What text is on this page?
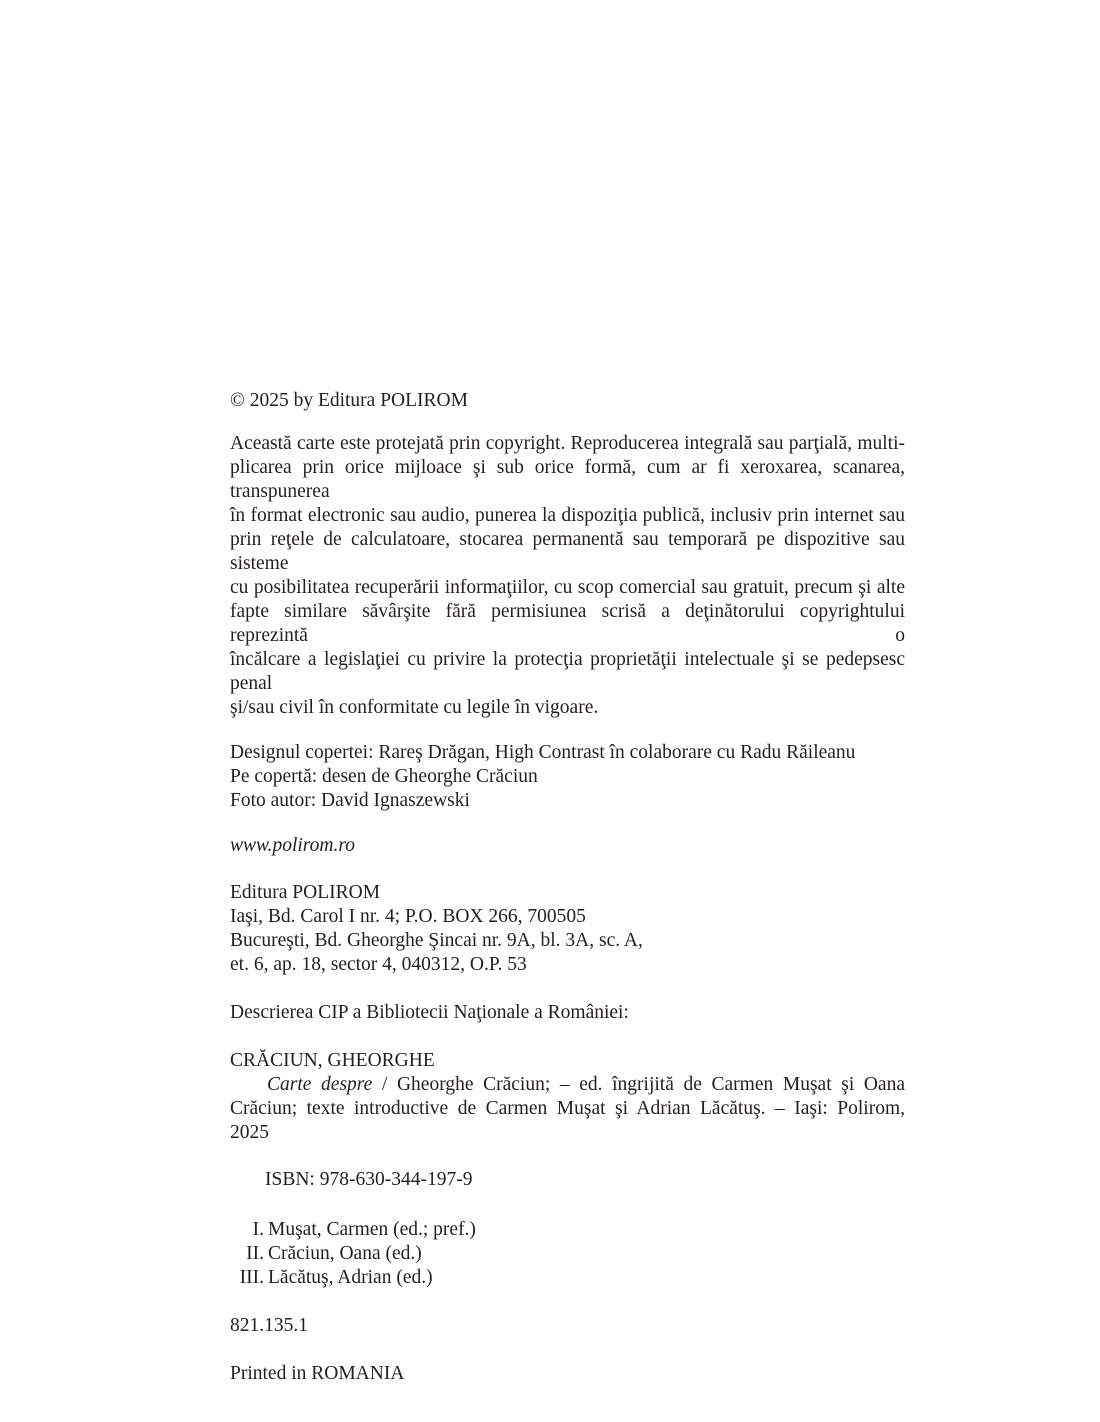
© 2025 by Editura POLIROM
Această carte este protejată prin copyright. Reproducerea integrală sau parţială, multi-
plicarea prin orice mijloace şi sub orice formă, cum ar fi xeroxarea, scanarea, transpunerea
în format electronic sau audio, punerea la dispoziţia publică, inclusiv prin internet sau
prin reţele de calculatoare, stocarea permanentă sau temporară pe dispozitive sau sisteme
cu posibilitatea recuperării informaţiilor, cu scop comercial sau gratuit, precum şi alte
fapte similare săvârşite fără permisiunea scrisă a deţinătorului copyrightului reprezintă o
încălcare a legislaţiei cu privire la protecţia proprietăţii intelectuale şi se pedepsesc penal
şi/sau civil în conformitate cu legile în vigoare.
Designul copertei: Rareş Drăgan, High Contrast în colaborare cu Radu Răileanu
Pe copertă: desen de Gheorghe Crăciun
Foto autor: David Ignaszewski
www.polirom.ro
Editura POLIROM
Iaşi, Bd. Carol I nr. 4; P.O. BOX 266, 700505
Bucureşti, Bd. Gheorghe Şincai nr. 9A, bl. 3A, sc. A,
et. 6, ap. 18, sector 4, 040312, O.P. 53
Descrierea CIP a Bibliotecii Naţionale a României:
CRĂCIUN, GHEORGHE
Carte despre / Gheorghe Crăciun; – ed. îngrijită de Carmen Muşat şi Oana
Crăciun; texte introductive de Carmen Muşat şi Adrian Lăcătuş. – Iaşi: Polirom,
2025
ISBN: 978-630-344-197-9
I. Muşat, Carmen (ed.; pref.)
II. Crăciun, Oana (ed.)
III. Lăcătuş, Adrian (ed.)
821.135.1
Printed in ROMANIA
